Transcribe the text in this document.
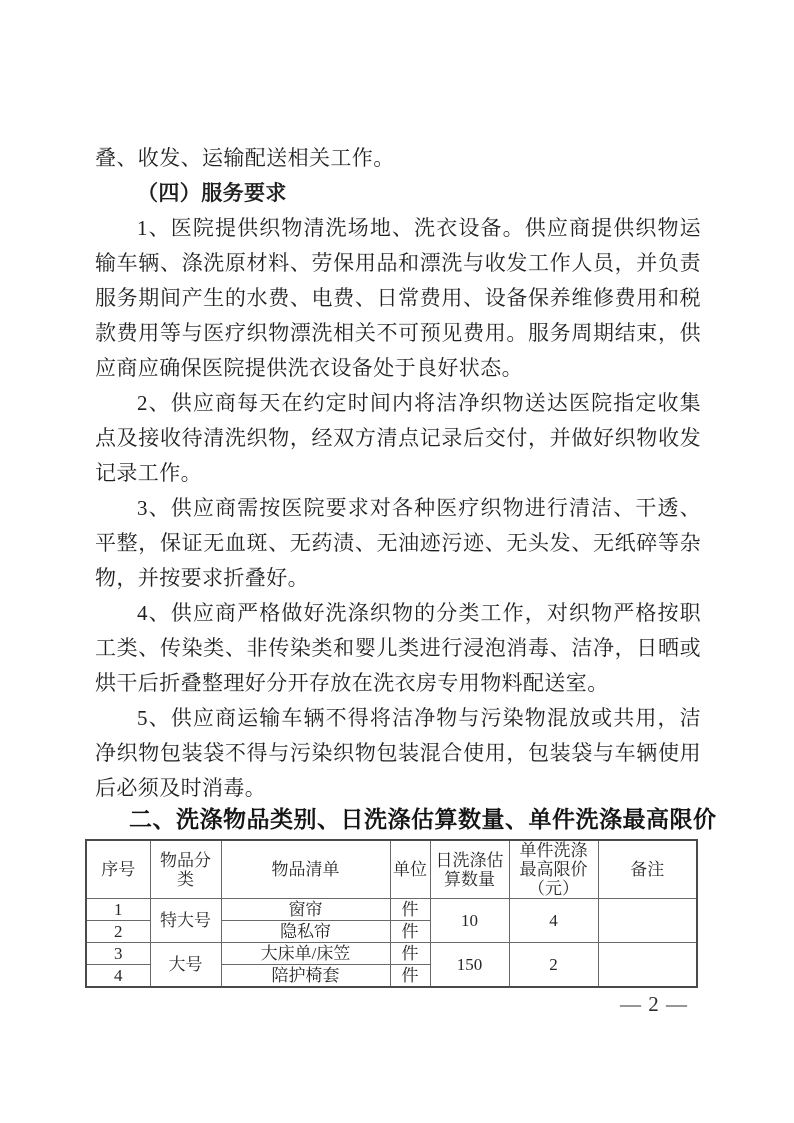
叠、收发、运输配送相关工作。
（四）服务要求
1、医院提供织物清洗场地、洗衣设备。供应商提供织物运
输车辆、涤洗原材料、劳保用品和漂洗与收发工作人员，并负责
服务期间产生的水费、电费、日常费用、设备保养维修费用和税
款费用等与医疗织物漂洗相关不可预见费用。服务周期结束，供
应商应确保医院提供洗衣设备处于良好状态。
2、供应商每天在约定时间内将洁净织物送达医院指定收集
点及接收待清洗织物，经双方清点记录后交付，并做好织物收发
记录工作。
3、供应商需按医院要求对各种医疗织物进行清洁、干透、
平整，保证无血斑、无药渍、无油迹污迹、无头发、无纸碎等杂
物，并按要求折叠好。
4、供应商严格做好洗涤织物的分类工作，对织物严格按职
工类、传染类、非传染类和婴儿类进行浸泡消毒、洁净，日晒或
烘干后折叠整理好分开存放在洗衣房专用物料配送室。
5、供应商运输车辆不得将洁净物与污染物混放或共用，洁
净织物包装袋不得与污染织物包装混合使用，包装袋与车辆使用
后必须及时消毒。
二、洗涤物品类别、日洗涤估算数量、单件洗涤最高限价
序号	物品分类	物品清单	单位	日洗涤估算数量	单件洗涤最高限价（元）	备注
1	特大号	窗帘	件	10	4	
2		隐私帘	件			
3	大号	大床单/床笠	件	150	2	
4		陪护椅套	件			
— 2 —
